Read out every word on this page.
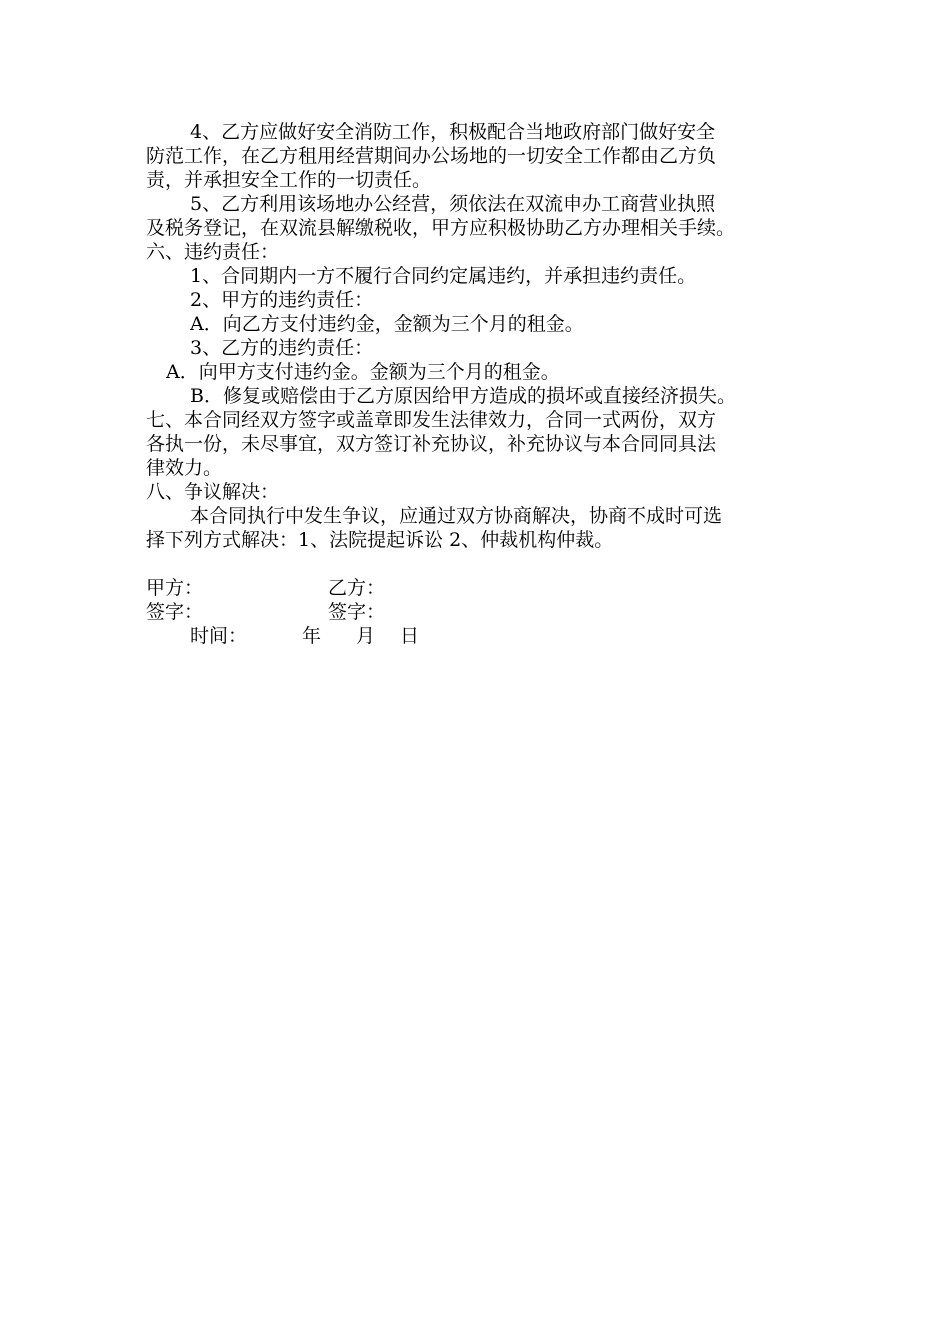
4、乙方应做好安全消防工作，积极配合当地政府部门做好安全
防范工作，在乙方租用经营期间办公场地的一切安全工作都由乙方负
责，并承担安全工作的一切责任。
5、乙方利用该场地办公经营，须依法在双流申办工商营业执照
及税务登记，在双流县解缴税收，甲方应积极协助乙方办理相关手续。
六、违约责任：
1、合同期内一方不履行合同约定属违约，并承担违约责任。
2、甲方的违约责任：
A．向乙方支付违约金，金额为三个月的租金。
3、乙方的违约责任：
A．向甲方支付违约金。金额为三个月的租金。
B．修复或赔偿由于乙方原因给甲方造成的损坏或直接经济损失。
七、本合同经双方签字或盖章即发生法律效力，合同一式两份，双方
各执一份，未尽事宜，双方签订补充协议，补充协议与本合同同具法
律效力。
八、争议解决：
本合同执行中发生争议，应通过双方协商解决，协商不成时可选
择下列方式解决：1、法院提起诉讼 2、仲裁机构仲裁。
甲方：	乙方：
签字：	签字：
时间：	年 月 日
